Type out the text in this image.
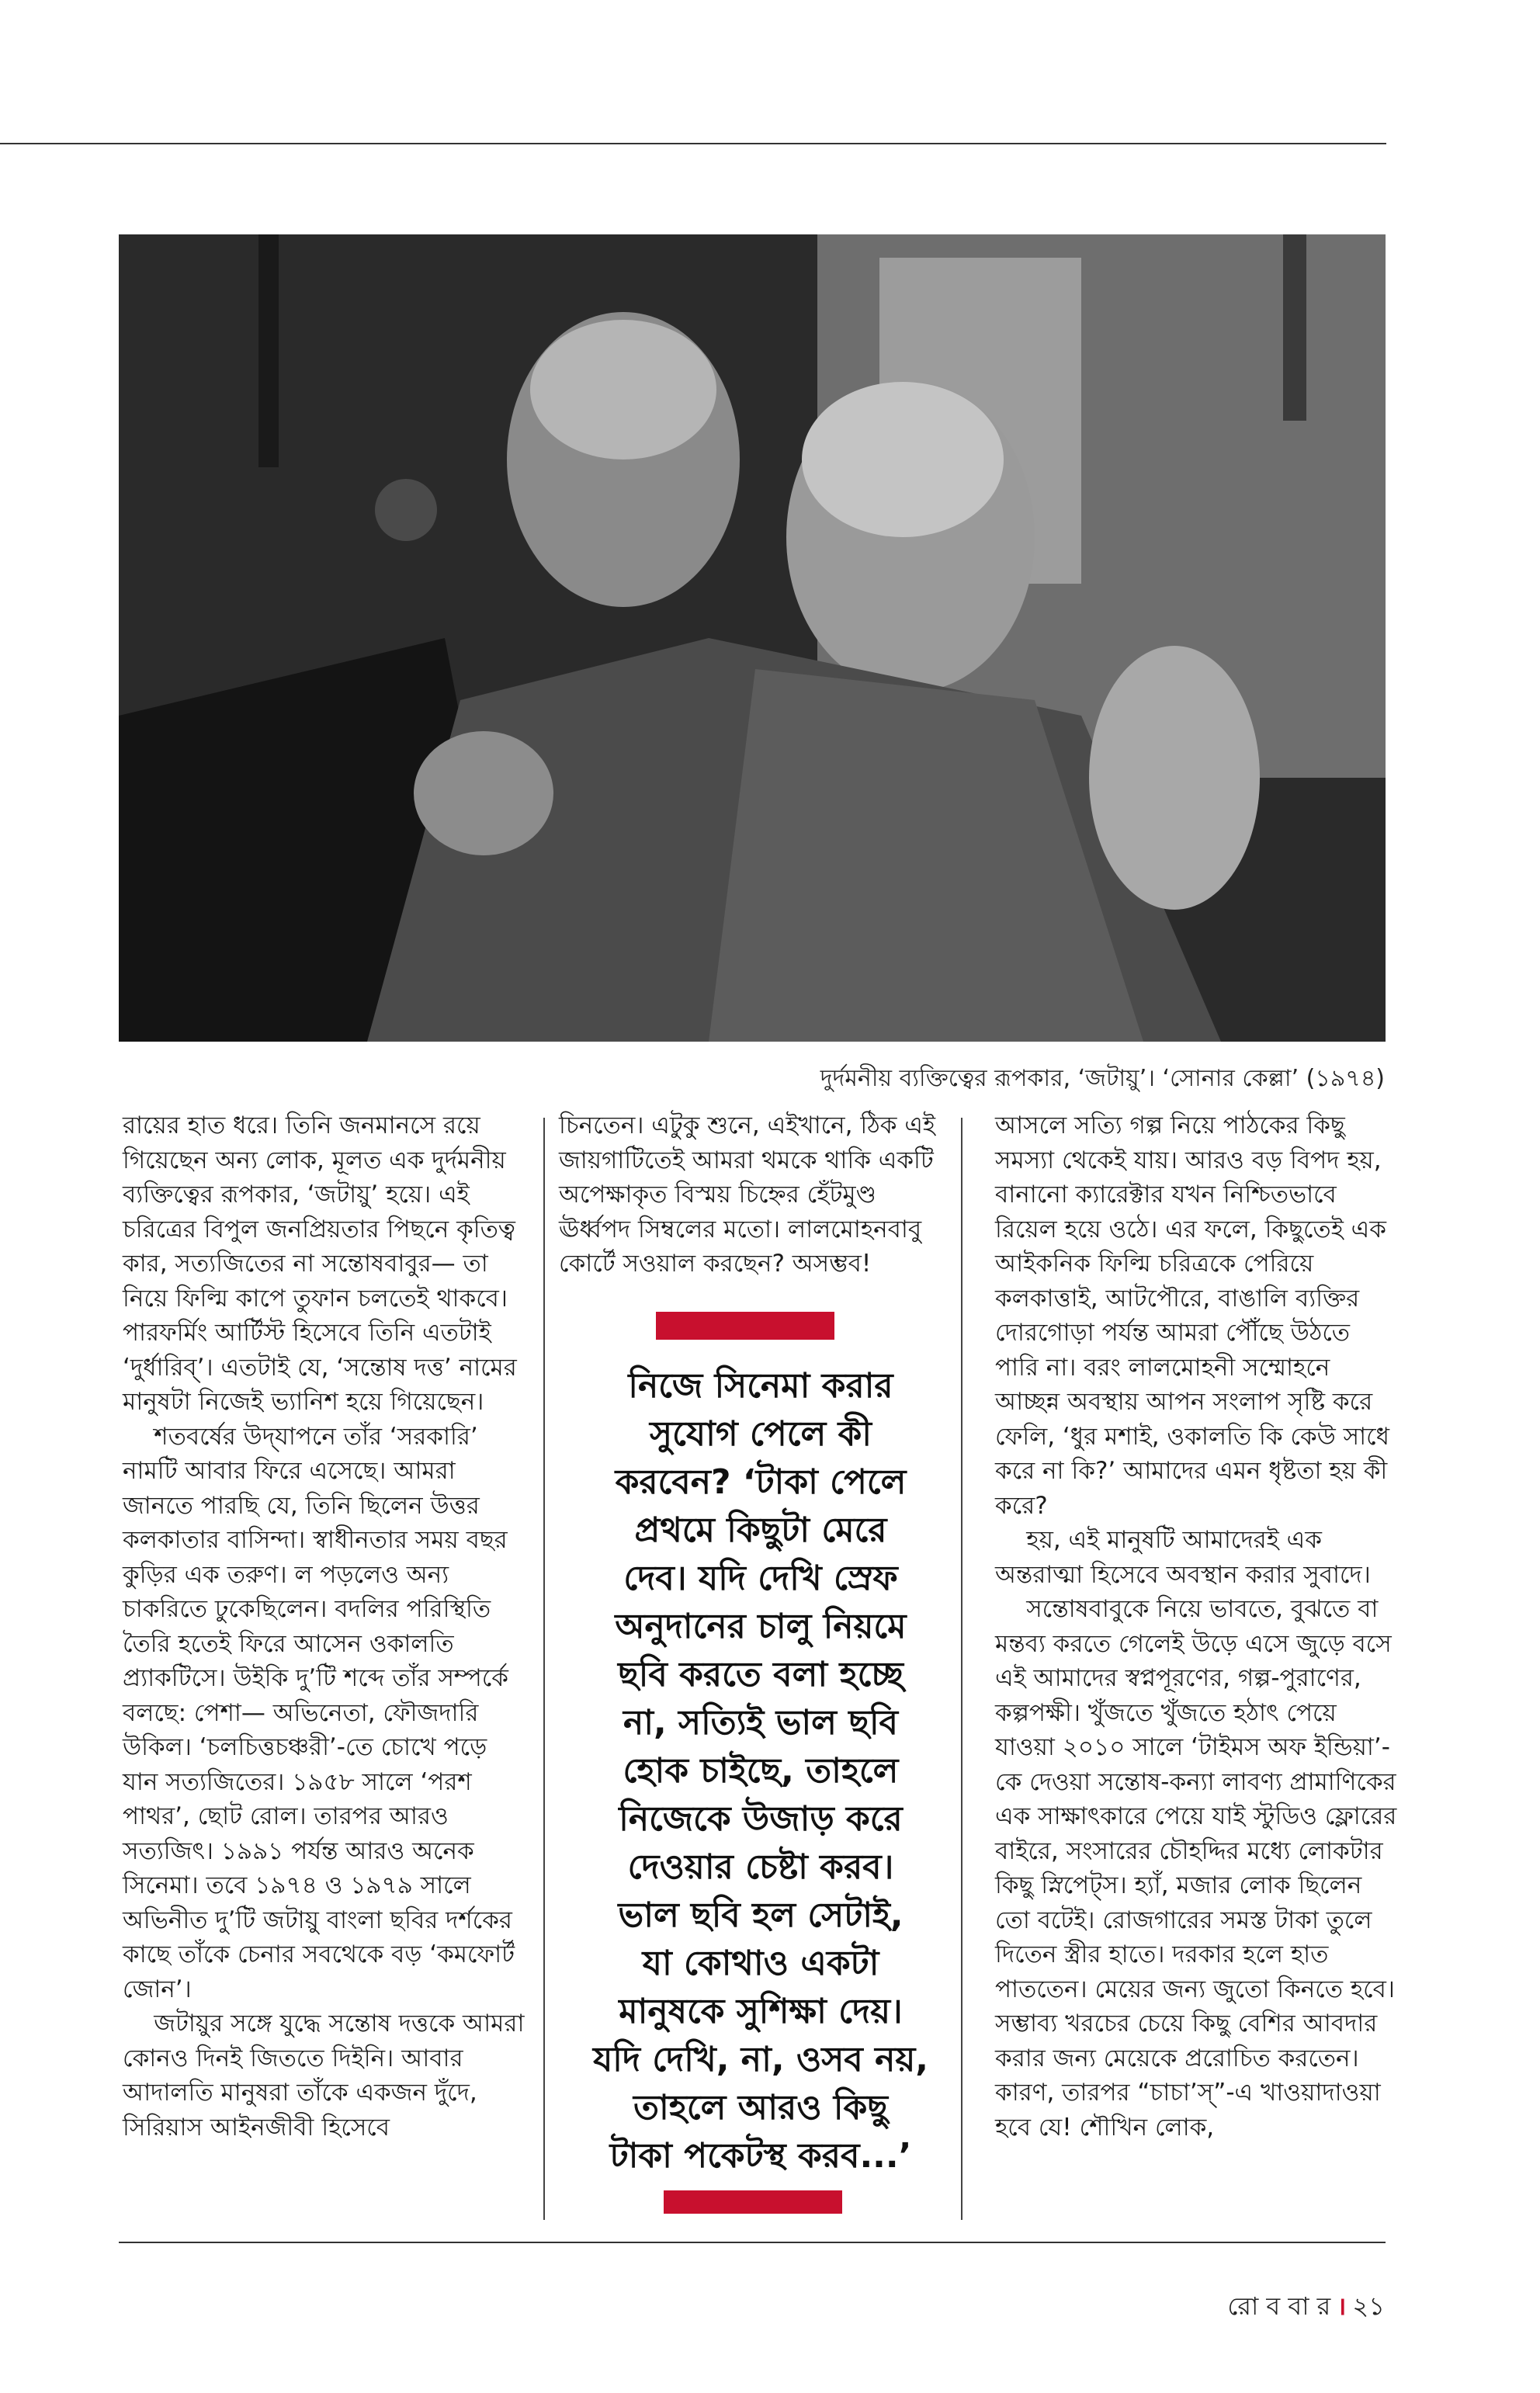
দুর্দমনীয় ব্যক্তিত্বের রূপকার, ‘জটায়ু’। ‘সোনার কেল্লা’ (১৯৭৪)

রায়ের হাত ধরে। তিনি জনমানসে রয়ে গিয়েছেন অন্য লোক, মূলত এক দুর্দমনীয় ব্যক্তিত্বের রূপকার, ‘জটায়ু’ হয়ে। এই চরিত্রের বিপুল জনপ্রিয়তার পিছনে কৃতিত্ব কার, সত্যজিতের না সন্তোষবাবুর— তা নিয়ে ফিল্মি কাপে তুফান চলতেই থাকবে। পারফর্মিং আর্টিস্ট হিসেবে তিনি এতটাই ‘দুর্ধারিব্’। এতটাই যে, ‘সন্তোষ দত্ত’ নামের মানুষটা নিজেই ভ্যানিশ হয়ে গিয়েছেন।

শতবর্ষের উদ্‌যাপনে তাঁর ‘সরকারি’ নামটি আবার ফিরে এসেছে। আমরা জানতে পারছি যে, তিনি ছিলেন উত্তর কলকাতার বাসিন্দা। স্বাধীনতার সময় বছর কুড়ির এক তরুণ। ল পড়লেও অন্য চাকরিতে ঢুকেছিলেন। বদলির পরিস্থিতি তৈরি হতেই ফিরে আসেন ওকালতি প্র্যাকটিসে। উইকি দু’টি শব্দে তাঁর সম্পর্কে বলছে: পেশা— অভিনেতা, ফৌজদারি উকিল। ‘চলচিত্তচঞ্চরী’-তে চোখে পড়ে যান সত্যজিতের। ১৯৫৮ সালে ‘পরশ পাথর’, ছোট রোল। তারপর আরও সত্যজিৎ। ১৯৯১ পর্যন্ত আরও অনেক সিনেমা। তবে ১৯৭৪ ও ১৯৭৯ সালে অভিনীত দু’টি জটায়ু বাংলা ছবির দর্শকের কাছে তাঁকে চেনার সবথেকে বড় ‘কমফোর্ট জোন’।

জটায়ুর সঙ্গে যুদ্ধে সন্তোষ দত্তকে আমরা কোনও দিনই জিততে দিইনি। আবার আদালতি মানুষরা তাঁকে একজন দুঁদে, সিরিয়াস আইনজীবী হিসেবে

চিনতেন। এটুকু শুনে, এইখানে, ঠিক এই জায়গাটিতেই আমরা থমকে থাকি একটি অপেক্ষাকৃত বিস্ময় চিহ্নের হেঁটমুণ্ড ঊর্ধ্বপদ সিম্বলের মতো। লালমোহনবাবু কোর্টে সওয়াল করছেন? অসম্ভব!

নিজে সিনেমা করার

সুযোগ পেলে কী

করবেন? ‘টাকা পেলে

প্রথমে কিছুটা মেরে

দেব। যদি দেখি স্রেফ

অনুদানের চালু নিয়মে

ছবি করতে বলা হচ্ছে

না, সত্যিই ভাল ছবি

হোক চাইছে, তাহলে

নিজেকে উজাড় করে

দেওয়ার চেষ্টা করব।

ভাল ছবি হল সেটাই,

যা কোথাও একটা

মানুষকে সুশিক্ষা দেয়।

যদি দেখি, না, ওসব নয়,

তাহলে আরও কিছু

টাকা পকেটস্থ করব...’

আসলে সত্যি গল্প নিয়ে পাঠকের কিছু সমস্যা থেকেই যায়। আরও বড় বিপদ হয়, বানানো ক্যারেক্টার যখন নিশ্চিতভাবে রিয়েল হয়ে ওঠে। এর ফলে, কিছুতেই এক আইকনিক ফিল্মি চরিত্রকে পেরিয়ে কলকাত্তাই, আটপৌরে, বাঙালি ব্যক্তির দোরগোড়া পর্যন্ত আমরা পৌঁছে উঠতে পারি না। বরং লালমোহনী সম্মোহনে আচ্ছন্ন অবস্থায় আপন সংলাপ সৃষ্টি করে ফেলি, ‘ধুর মশাই, ওকালতি কি কেউ সাধে করে না কি?’ আমাদের এমন ধৃষ্টতা হয় কী করে?

হয়, এই মানুষটি আমাদেরই এক অন্তরাত্মা হিসেবে অবস্থান করার সুবাদে।

সন্তোষবাবুকে নিয়ে ভাবতে, বুঝতে বা মন্তব্য করতে গেলেই উড়ে এসে জুড়ে বসে এই আমাদের স্বপ্নপূরণের, গল্প-পুরাণের, কল্পপক্ষী। খুঁজতে খুঁজতে হঠাৎ পেয়ে যাওয়া ২০১০ সালে ‘টাইমস অফ ইন্ডিয়া’-কে দেওয়া সন্তোষ-কন্যা লাবণ্য প্রামাণিকের এক সাক্ষাৎকারে পেয়ে যাই স্টুডিও ফ্লোরের বাইরে, সংসারের চৌহদ্দির মধ্যে লোকটার কিছু স্নিপেট্স। হ্যাঁ, মজার লোক ছিলেন তো বটেই। রোজগারের সমস্ত টাকা তুলে দিতেন স্ত্রীর হাতে। দরকার হলে হাত পাততেন। মেয়ের জন্য জুতো কিনতে হবে। সম্ভাব্য খরচের চেয়ে কিছু বেশির আবদার করার জন্য মেয়েকে প্ররোচিত করতেন। কারণ, তারপর “চাচা’স্”-এ খাওয়াদাওয়া হবে যে! শৌখিন লোক,

রো ব বা র । ২১
